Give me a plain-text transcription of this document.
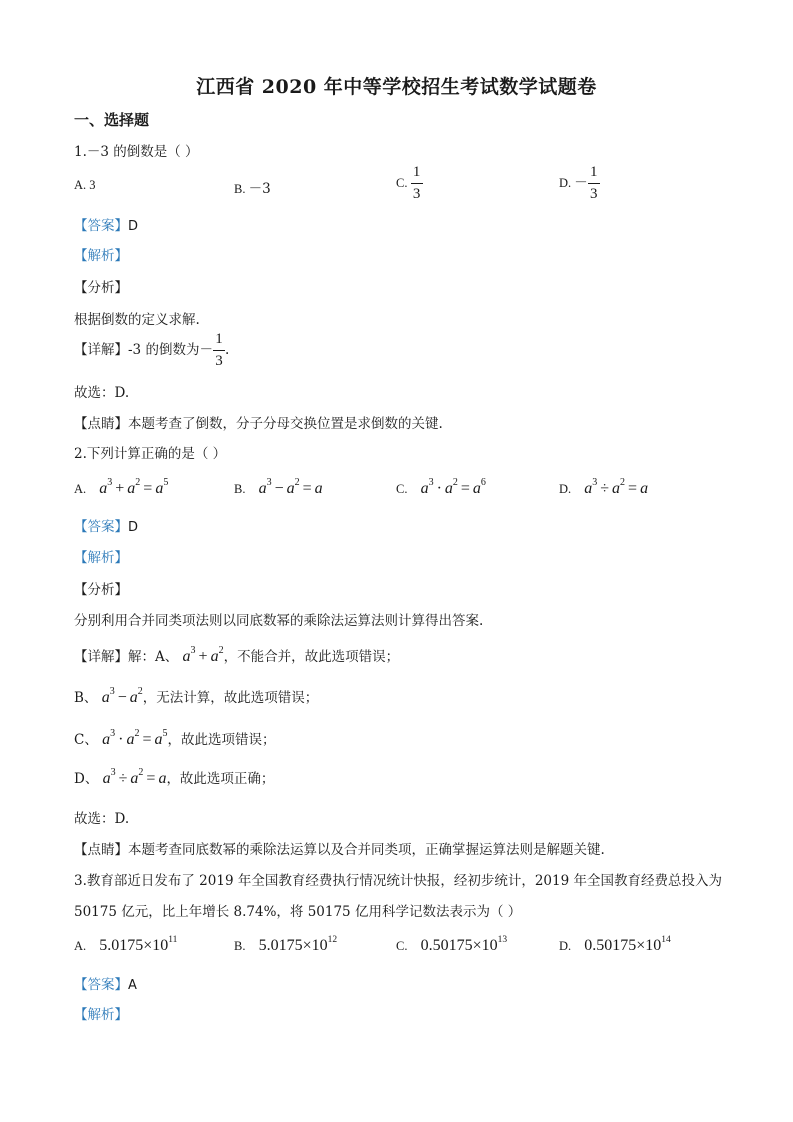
江西省 2020 年中等学校招生考试数学试题卷
一、选择题
1.－3 的倒数是（ ）
A. 3	B. －3	C. $\frac{1}{3}$	D. － $\frac{1}{3}$
【答案】D
【解析】
【分析】
根据倒数的定义求解.
【详解】-3 的倒数为－ $\frac{1}{3}$ .
故选：D.
【点睛】本题考查了倒数，分子分母交换位置是求倒数的关键.
2.下列计算正确的是（ ）
A. $a^3 + a^2 = a^5$	B. $a^3 - a^2 = a$	C. $a^3 \cdot a^2 = a^6$	D. $a^3 \div a^2 = a$
【答案】D
【解析】
【分析】
分别利用合并同类项法则以同底数幂的乘除法运算法则计算得出答案.
【详解】解：A、 $a^3 + a^2$，不能合并，故此选项错误；
B、 $a^3 - a^2$，无法计算，故此选项错误；
C、 $a^3 \cdot a^2 = a^5$，故此选项错误；
D、 $a^3 \div a^2 = a$，故此选项正确；
故选：D.
【点睛】本题考查同底数幂的乘除法运算以及合并同类项，正确掌握运算法则是解题关键.
3.教育部近日发布了 2019 年全国教育经费执行情况统计快报，经初步统计，2019 年全国教育经费总投入为
50175 亿元，比上年增长 8.74%，将 50175 亿用科学记数法表示为（ ）
A. $5.0175\times 10^{11}$	B. $5.0175\times 10^{12}$	C. $0.50175\times 10^{13}$	D. $0.50175\times 10^{14}$
【答案】A
【解析】
